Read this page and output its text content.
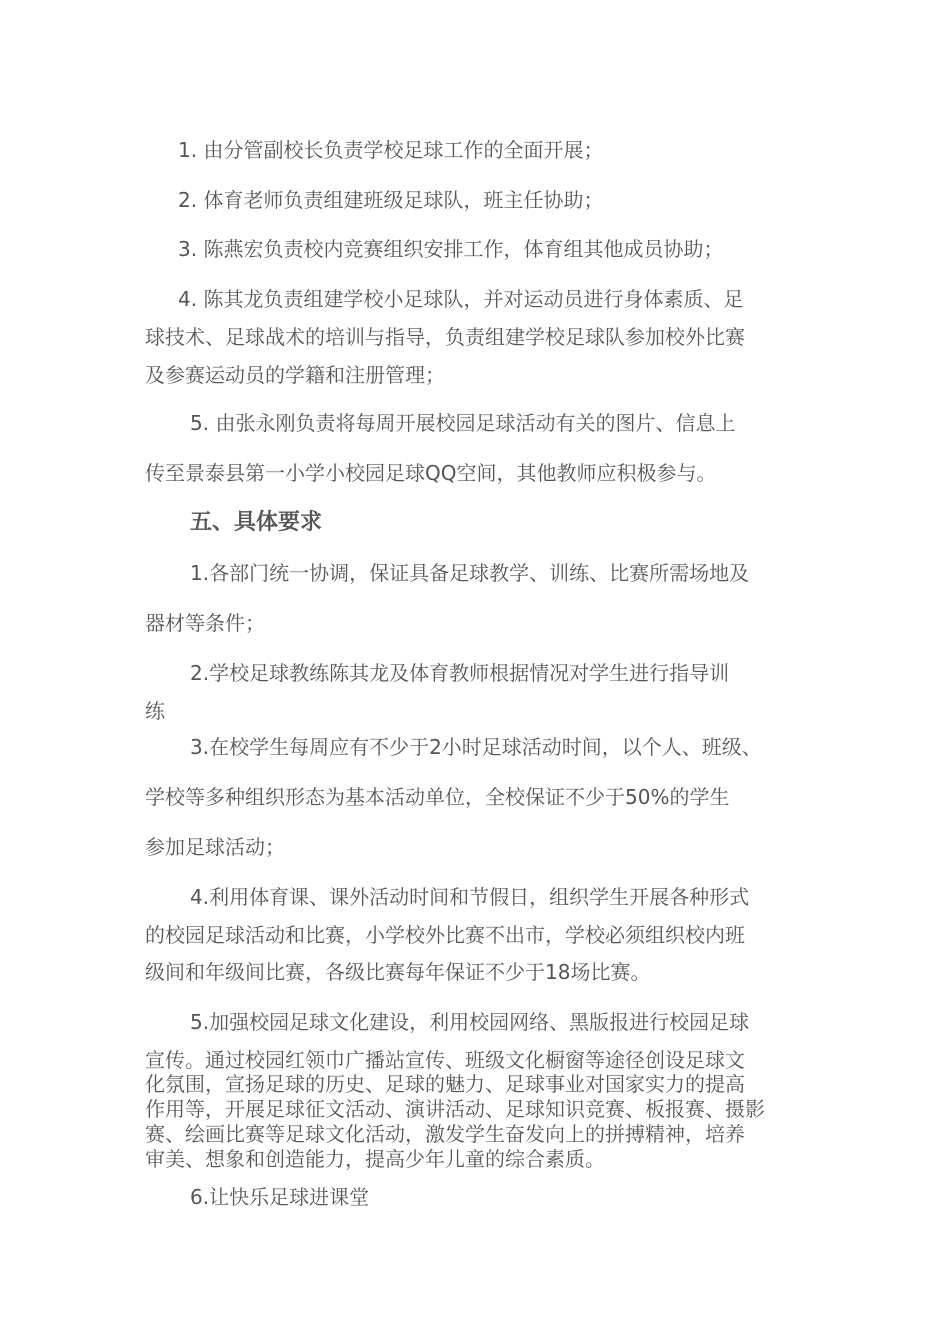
1. 由分管副校长负责学校足球工作的全面开展；
2. 体育老师负责组建班级足球队，班主任协助；
3. 陈燕宏负责校内竞赛组织安排工作，体育组其他成员协助；
4. 陈其龙负责组建学校小足球队，并对运动员进行身体素质、足
球技术、足球战术的培训与指导，负责组建学校足球队参加校外比赛
及参赛运动员的学籍和注册管理；
5. 由张永刚负责将每周开展校园足球活动有关的图片、信息上
传至景泰县第一小学小校园足球QQ空间，其他教师应积极参与。
五、具体要求
1.各部门统一协调，保证具备足球教学、训练、比赛所需场地及
器材等条件；
2.学校足球教练陈其龙及体育教师根据情况对学生进行指导训
练
3.在校学生每周应有不少于2小时足球活动时间，以个人、班级、
学校等多种组织形态为基本活动单位，全校保证不少于50%的学生
参加足球活动；
4.利用体育课、课外活动时间和节假日，组织学生开展各种形式
的校园足球活动和比赛，小学校外比赛不出市，学校必须组织校内班
级间和年级间比赛，各级比赛每年保证不少于18场比赛。
5.加强校园足球文化建设，利用校园网络、黑版报进行校园足球
宣传。通过校园红领巾广播站宣传、班级文化橱窗等途径创设足球文
化氛围，宣扬足球的历史、足球的魅力、足球事业对国家实力的提高
作用等，开展足球征文活动、演讲活动、足球知识竞赛、板报赛、摄影
赛、绘画比赛等足球文化活动，激发学生奋发向上的拼搏精神，培养
审美、想象和创造能力，提高少年儿童的综合素质。
6.让快乐足球进课堂
